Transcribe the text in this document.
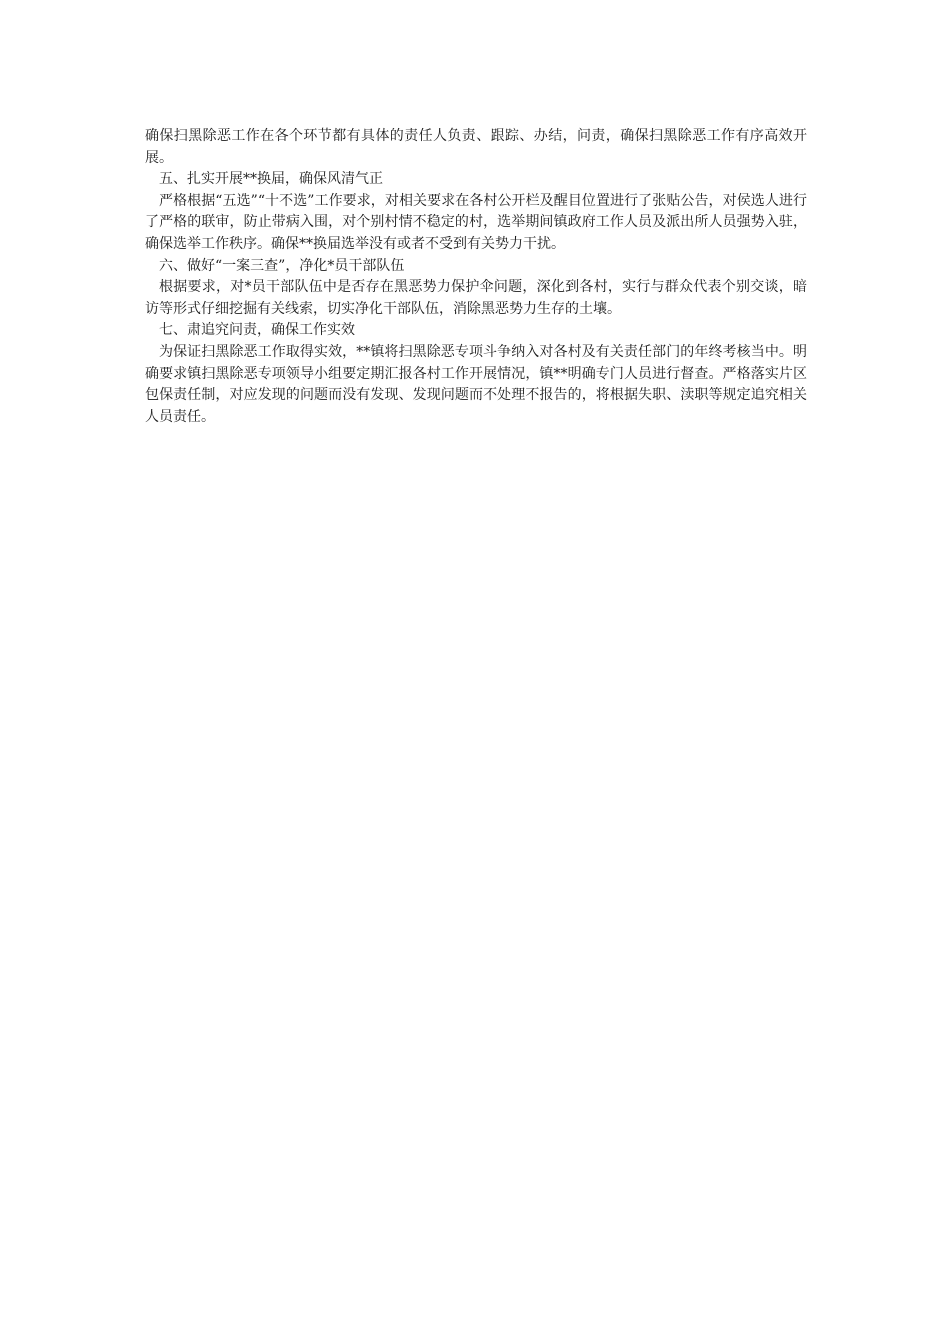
确保扫黑除恶工作在各个环节都有具体的责任人负责、跟踪、办结，问责，确保扫黑除恶工作有序高效开展。

五、扎实开展**换届，确保风清气正

严格根据“五选”“十不选”工作要求，对相关要求在各村公开栏及醒目位置进行了张贴公告，对侯选人进行了严格的联审，防止带病入围，对个别村情不稳定的村，选举期间镇政府工作人员及派出所人员强势入驻，确保选举工作秩序。确保**换届选举没有或者不受到有关势力干扰。

六、做好“一案三查”，净化*员干部队伍

根据要求，对*员干部队伍中是否存在黑恶势力保护伞问题，深化到各村，实行与群众代表个别交谈，暗访等形式仔细挖掘有关线索，切实净化干部队伍，消除黑恶势力生存的土壤。

七、肃追究问责，确保工作实效

为保证扫黑除恶工作取得实效，**镇将扫黑除恶专项斗争纳入对各村及有关责任部门的年终考核当中。明确要求镇扫黑除恶专项领导小组要定期汇报各村工作开展情况，镇**明确专门人员进行督查。严格落实片区包保责任制，对应发现的问题而没有发现、发现问题而不处理不报告的，将根据失职、渎职等规定追究相关人员责任。
